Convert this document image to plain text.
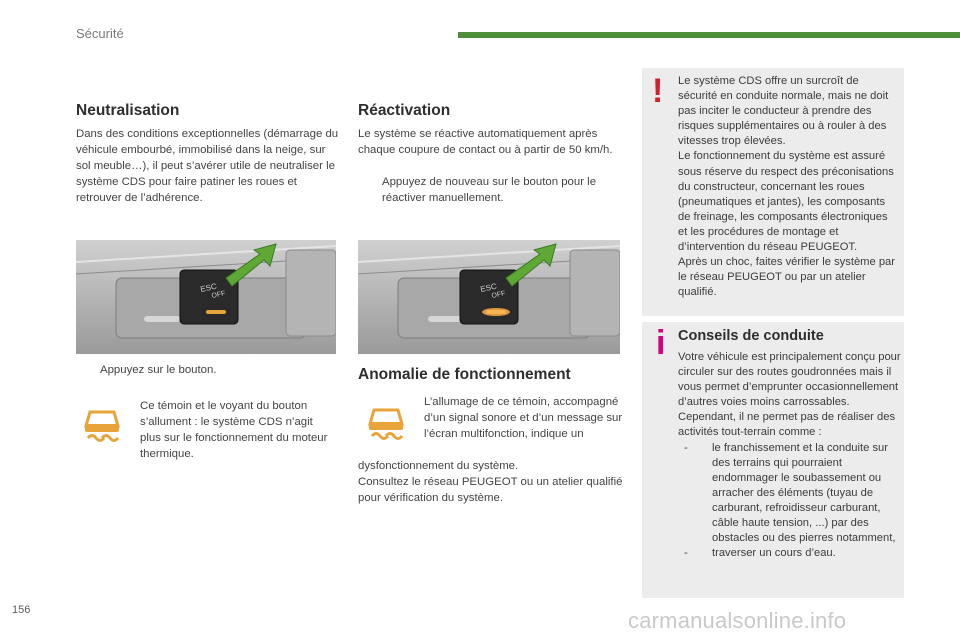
Sécurité
Neutralisation
Dans des conditions exceptionnelles (démarrage du véhicule embourbé, immobilisé dans la neige, sur sol meuble…), il peut s’avérer utile de neutraliser le système CDS pour faire patiner les roues et retrouver de l’adhérence.
ESC
OFF
Appuyez sur le bouton.
Ce témoin et le voyant du bouton s’allument : le système CDS n’agit plus sur le fonctionnement du moteur thermique.
Réactivation
Le système se réactive automatiquement après chaque coupure de contact ou à partir de 50 km/h.
Appuyez de nouveau sur le bouton pour le réactiver manuellement.
ESC
OFF
Anomalie de fonctionnement
L’allumage de ce témoin, accompagné d’un signal sonore et d’un message sur l’écran multifonction, indique un
dysfonctionnement du système.
Consultez le réseau PEUGEOT ou un atelier qualifié pour vérification du système.
! Le système CDS offre un surcroît de sécurité en conduite normale, mais ne doit pas inciter le conducteur à prendre des risques supplémentaires ou à rouler à des vitesses trop élevées.
Le fonctionnement du système est assuré sous réserve du respect des préconisations du constructeur, concernant les roues (pneumatiques et jantes), les composants de freinage, les composants électroniques et les procédures de montage et d’intervention du réseau PEUGEOT.
Après un choc, faites vérifier le système par le réseau PEUGEOT ou par un atelier qualifié.
i Conseils de conduite
Votre véhicule est principalement conçu pour circuler sur des routes goudronnées mais il vous permet d’emprunter occasionnellement d’autres voies moins carrossables.
Cependant, il ne permet pas de réaliser des activités tout-terrain comme :
-	le franchissement et la conduite sur des terrains qui pourraient endommager le soubassement ou arracher des éléments (tuyau de carburant, refroidisseur carburant, câble haute tension, ...) par des obstacles ou des pierres notamment,
-	traverser un cours d’eau.
156	carmanualsonline.info
